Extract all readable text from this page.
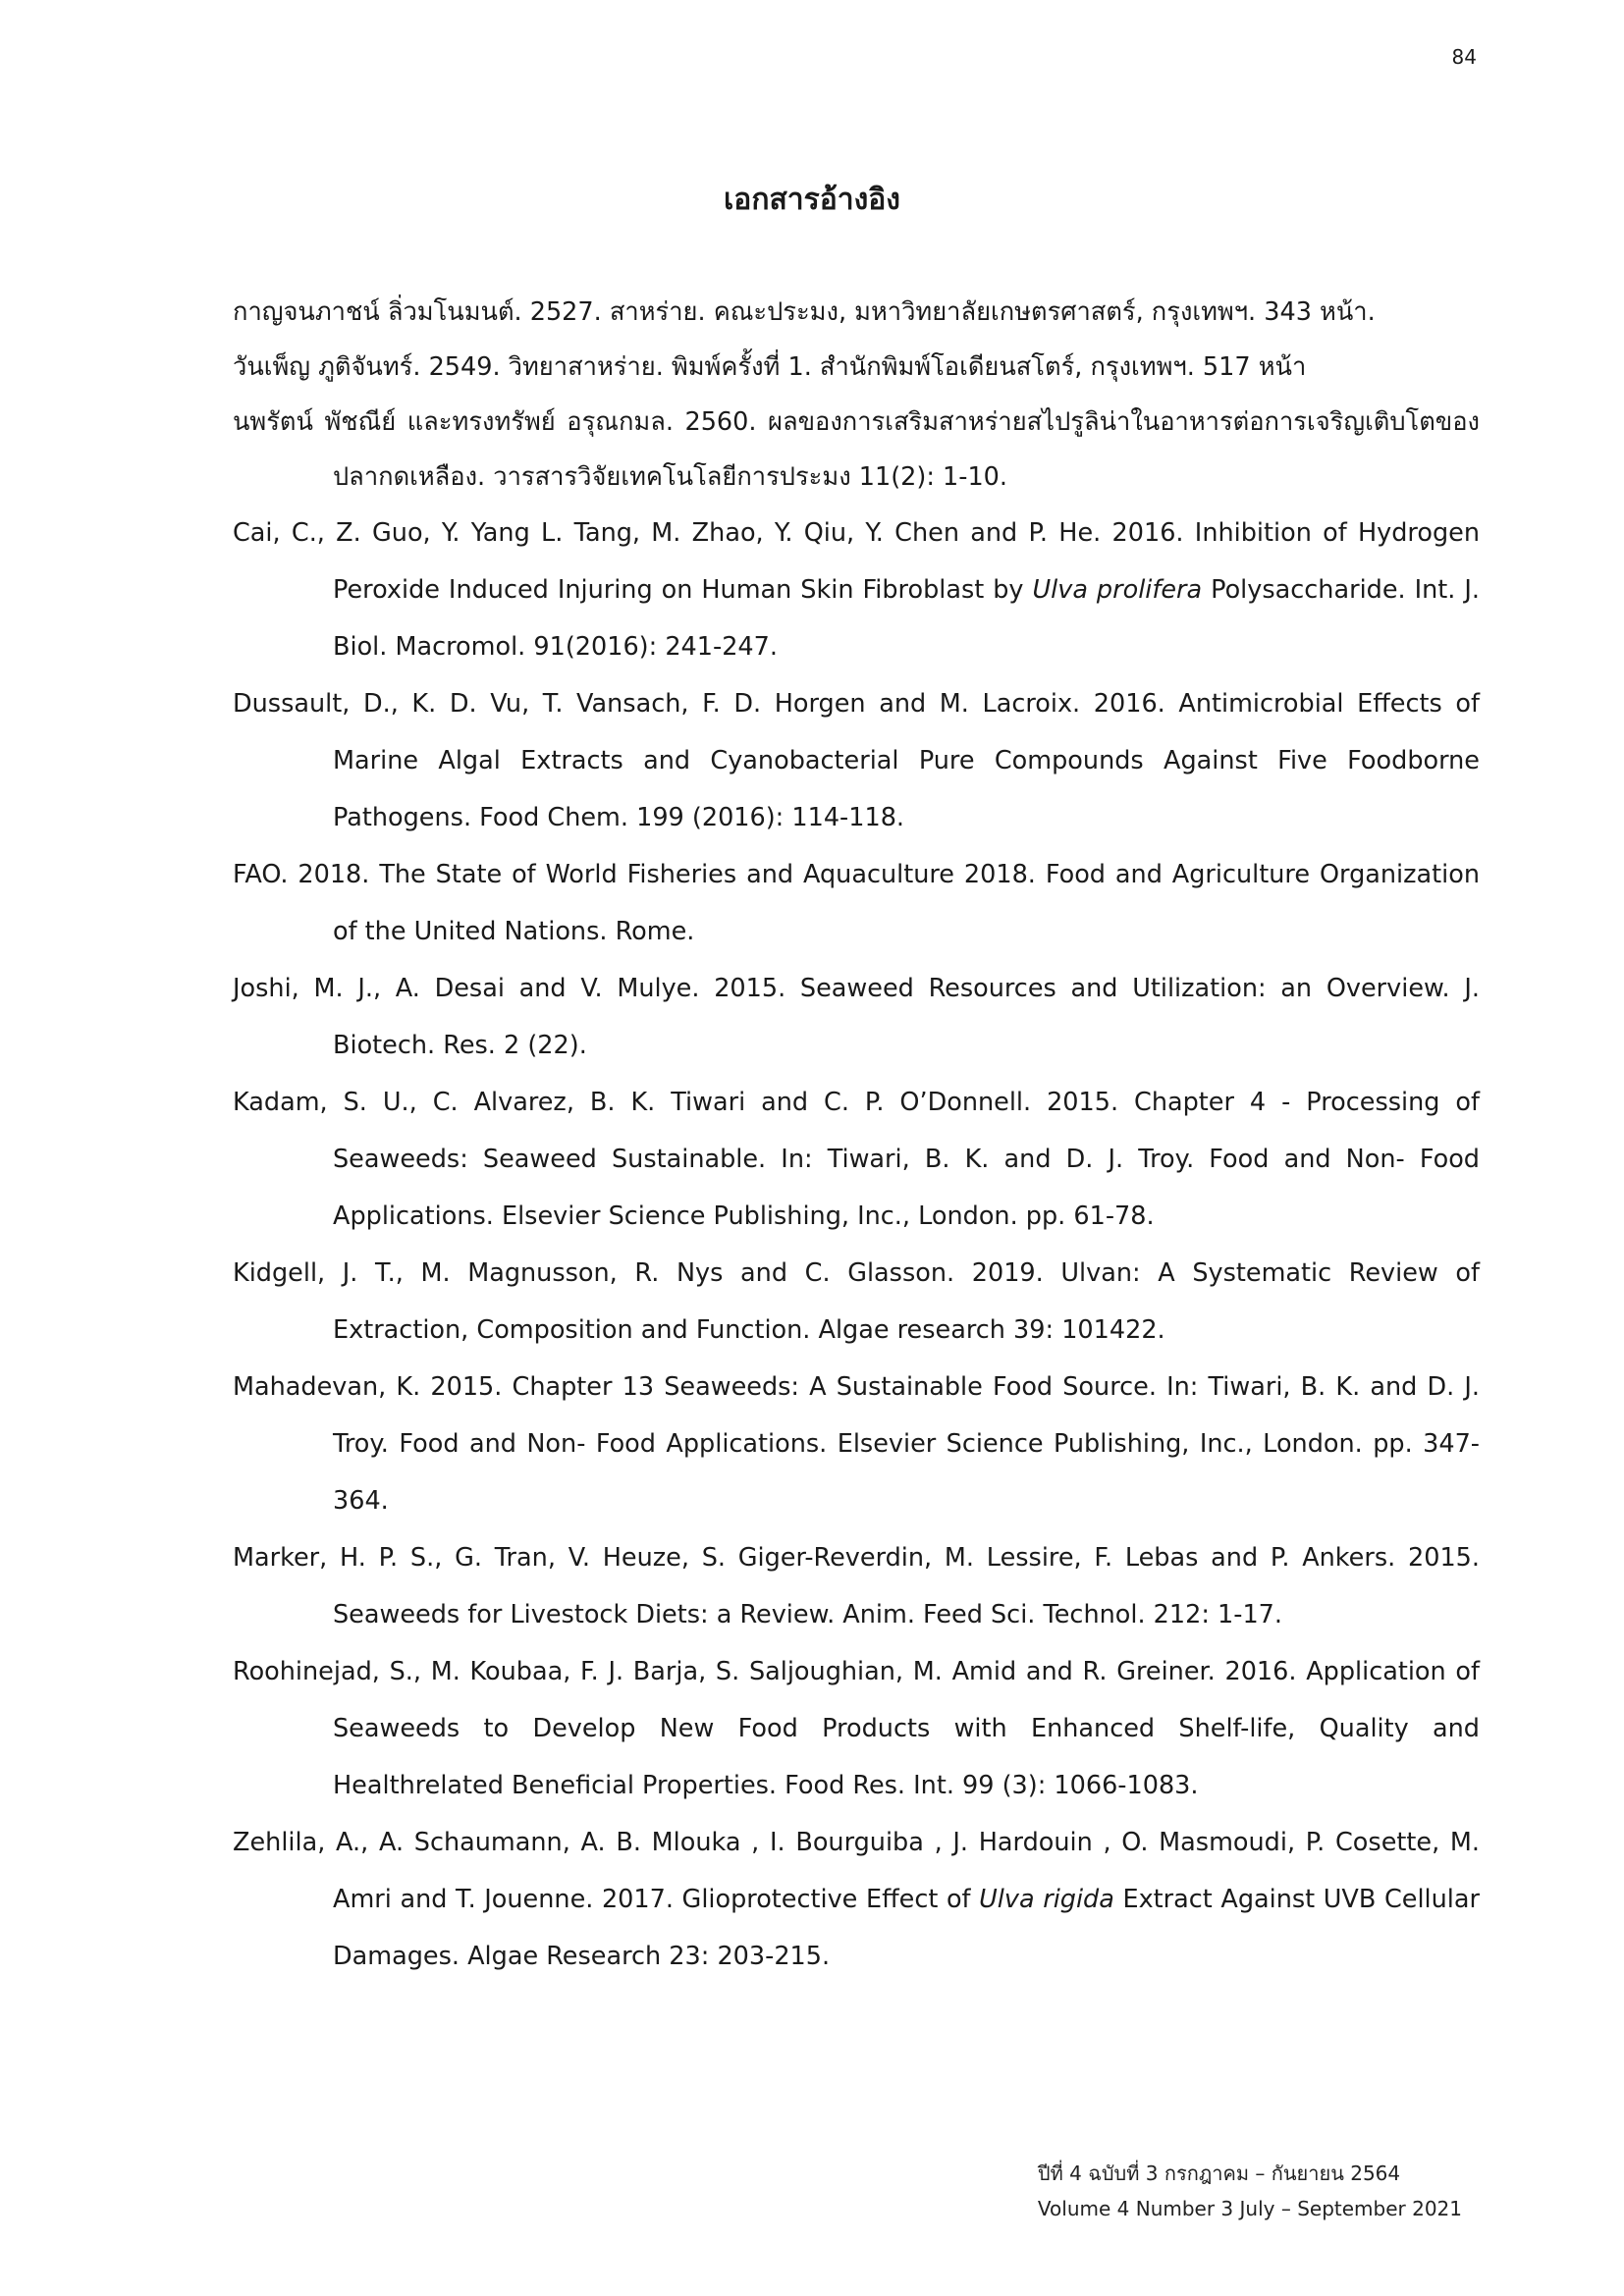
84
เอกสารอ้างอิง

กาญจนภาชน์ ลิ่วมโนมนต์. 2527. สาหร่าย. คณะประมง, มหาวิทยาลัยเกษตรศาสตร์, กรุงเทพฯ. 343 หน้า.

วันเพ็ญ ภูติจันทร์. 2549. วิทยาสาหร่าย. พิมพ์ครั้งที่ 1. สำนักพิมพ์โอเดียนสโตร์, กรุงเทพฯ. 517 หน้า

นพรัตน์ พัชณีย์ และทรงทรัพย์ อรุณกมล. 2560. ผลของการเสริมสาหร่ายสไปรูลิน่าในอาหารต่อการเจริญเติบโตของปลากดเหลือง. วารสารวิจัยเทคโนโลยีการประมง 11(2): 1-10.

Cai, C., Z. Guo, Y. Yang L. Tang, M. Zhao, Y. Qiu, Y. Chen and P. He. 2016. Inhibition of Hydrogen Peroxide Induced Injuring on Human Skin Fibroblast by Ulva prolifera Polysaccharide. Int. J. Biol. Macromol. 91(2016): 241-247.

Dussault, D., K. D. Vu, T. Vansach, F. D. Horgen and M. Lacroix. 2016. Antimicrobial Effects of Marine Algal Extracts and Cyanobacterial Pure Compounds Against Five Foodborne Pathogens. Food Chem. 199 (2016): 114-118.

FAO. 2018. The State of World Fisheries and Aquaculture 2018. Food and Agriculture Organization of the United Nations. Rome.

Joshi, M. J., A. Desai and V. Mulye. 2015. Seaweed Resources and Utilization: an Overview. J. Biotech. Res. 2 (22).

Kadam, S. U., C. Alvarez, B. K. Tiwari and C. P. O’Donnell. 2015. Chapter 4 - Processing of Seaweeds: Seaweed Sustainable. In: Tiwari, B. K. and D. J. Troy. Food and Non- Food Applications. Elsevier Science Publishing, Inc., London. pp. 61-78.

Kidgell, J. T., M. Magnusson, R. Nys and C. Glasson. 2019. Ulvan: A Systematic Review of Extraction, Composition and Function. Algae research 39: 101422.

Mahadevan, K. 2015. Chapter 13 Seaweeds: A Sustainable Food Source. In: Tiwari, B. K. and D. J. Troy. Food and Non- Food Applications. Elsevier Science Publishing, Inc., London. pp. 347-364.

Marker, H. P. S., G. Tran, V. Heuze, S. Giger-Reverdin, M. Lessire, F. Lebas and P. Ankers. 2015. Seaweeds for Livestock Diets: a Review. Anim. Feed Sci. Technol. 212: 1-17.

Roohinejad, S., M. Koubaa, F. J. Barja, S. Saljoughian, M. Amid and R. Greiner. 2016. Application of Seaweeds to Develop New Food Products with Enhanced Shelf-life, Quality and Healthrelated Beneficial Properties. Food Res. Int. 99 (3): 1066-1083.

Zehlila, A., A. Schaumann, A. B. Mlouka , I. Bourguiba , J. Hardouin , O. Masmoudi, P. Cosette, M. Amri and T. Jouenne. 2017. Glioprotective Effect of Ulva rigida Extract Against UVB Cellular Damages. Algae Research 23: 203-215.

ปีที่ 4 ฉบับที่ 3 กรกฎาคม – กันยายน 2564
Volume 4 Number 3 July – September 2021
